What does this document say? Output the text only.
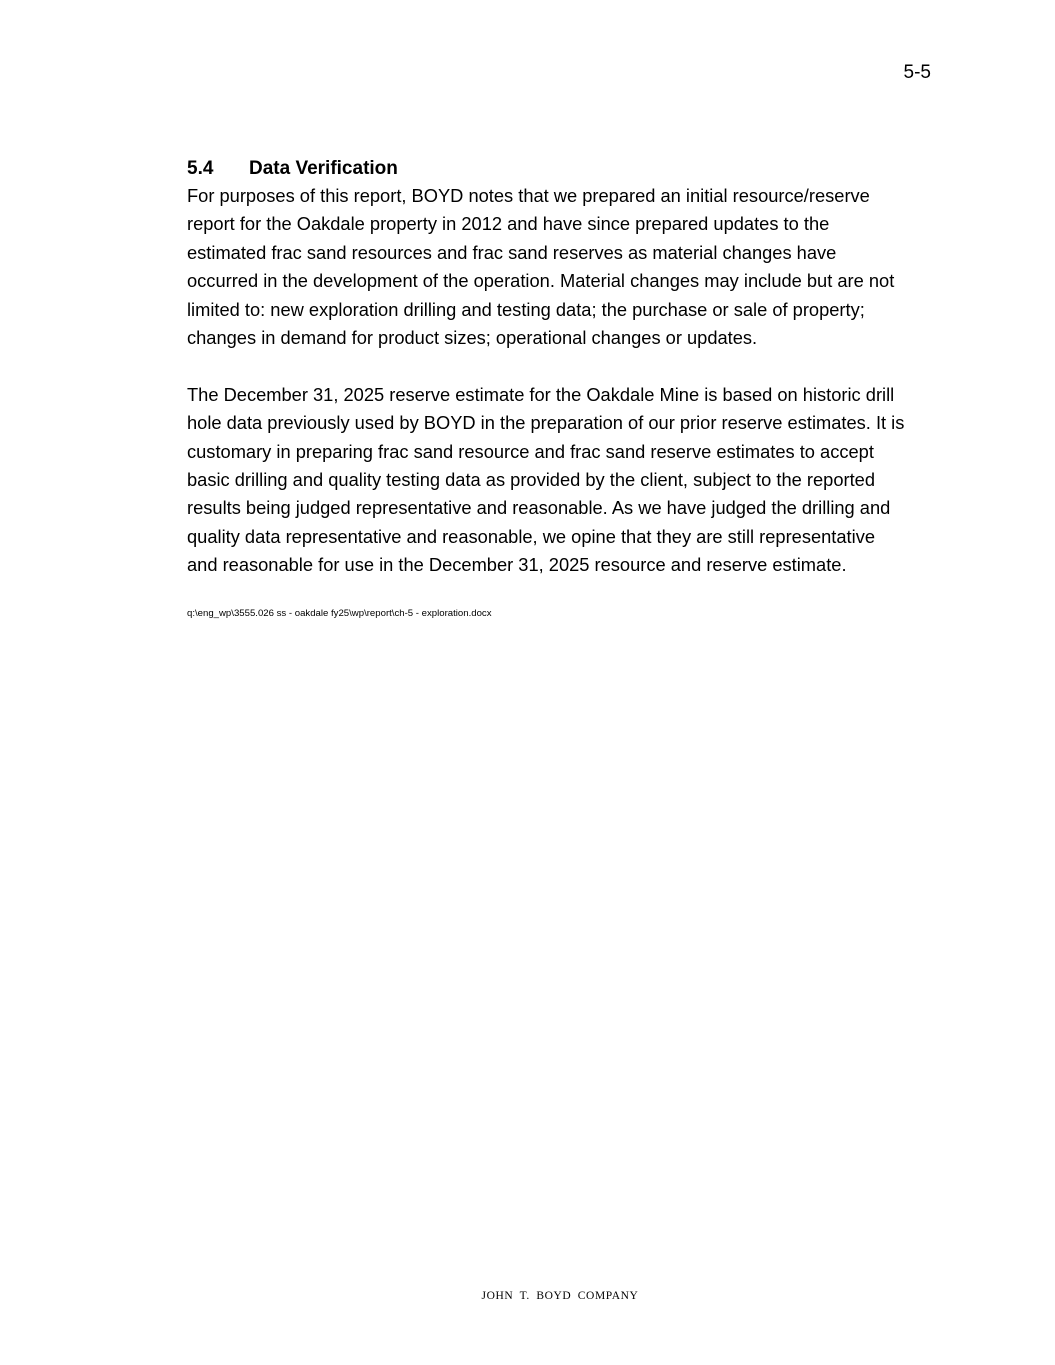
5-5
5.4	Data Verification

For purposes of this report, BOYD notes that we prepared an initial resource/reserve
report for the Oakdale property in 2012 and have since prepared updates to the
estimated frac sand resources and frac sand reserves as material changes have
occurred in the development of the operation. Material changes may include but are not
limited to: new exploration drilling and testing data; the purchase or sale of property;
changes in demand for product sizes; operational changes or updates.

The December 31, 2025 reserve estimate for the Oakdale Mine is based on historic drill
hole data previously used by BOYD in the preparation of our prior reserve estimates. It is
customary in preparing frac sand resource and frac sand reserve estimates to accept
basic drilling and quality testing data as provided by the client, subject to the reported
results being judged representative and reasonable. As we have judged the drilling and
quality data representative and reasonable, we opine that they are still representative
and reasonable for use in the December 31, 2025 resource and reserve estimate.

q:\eng_wp\3555.026 ss - oakdale fy25\wp\report\ch-5 - exploration.docx
JOHN T. BOYD COMPANY
